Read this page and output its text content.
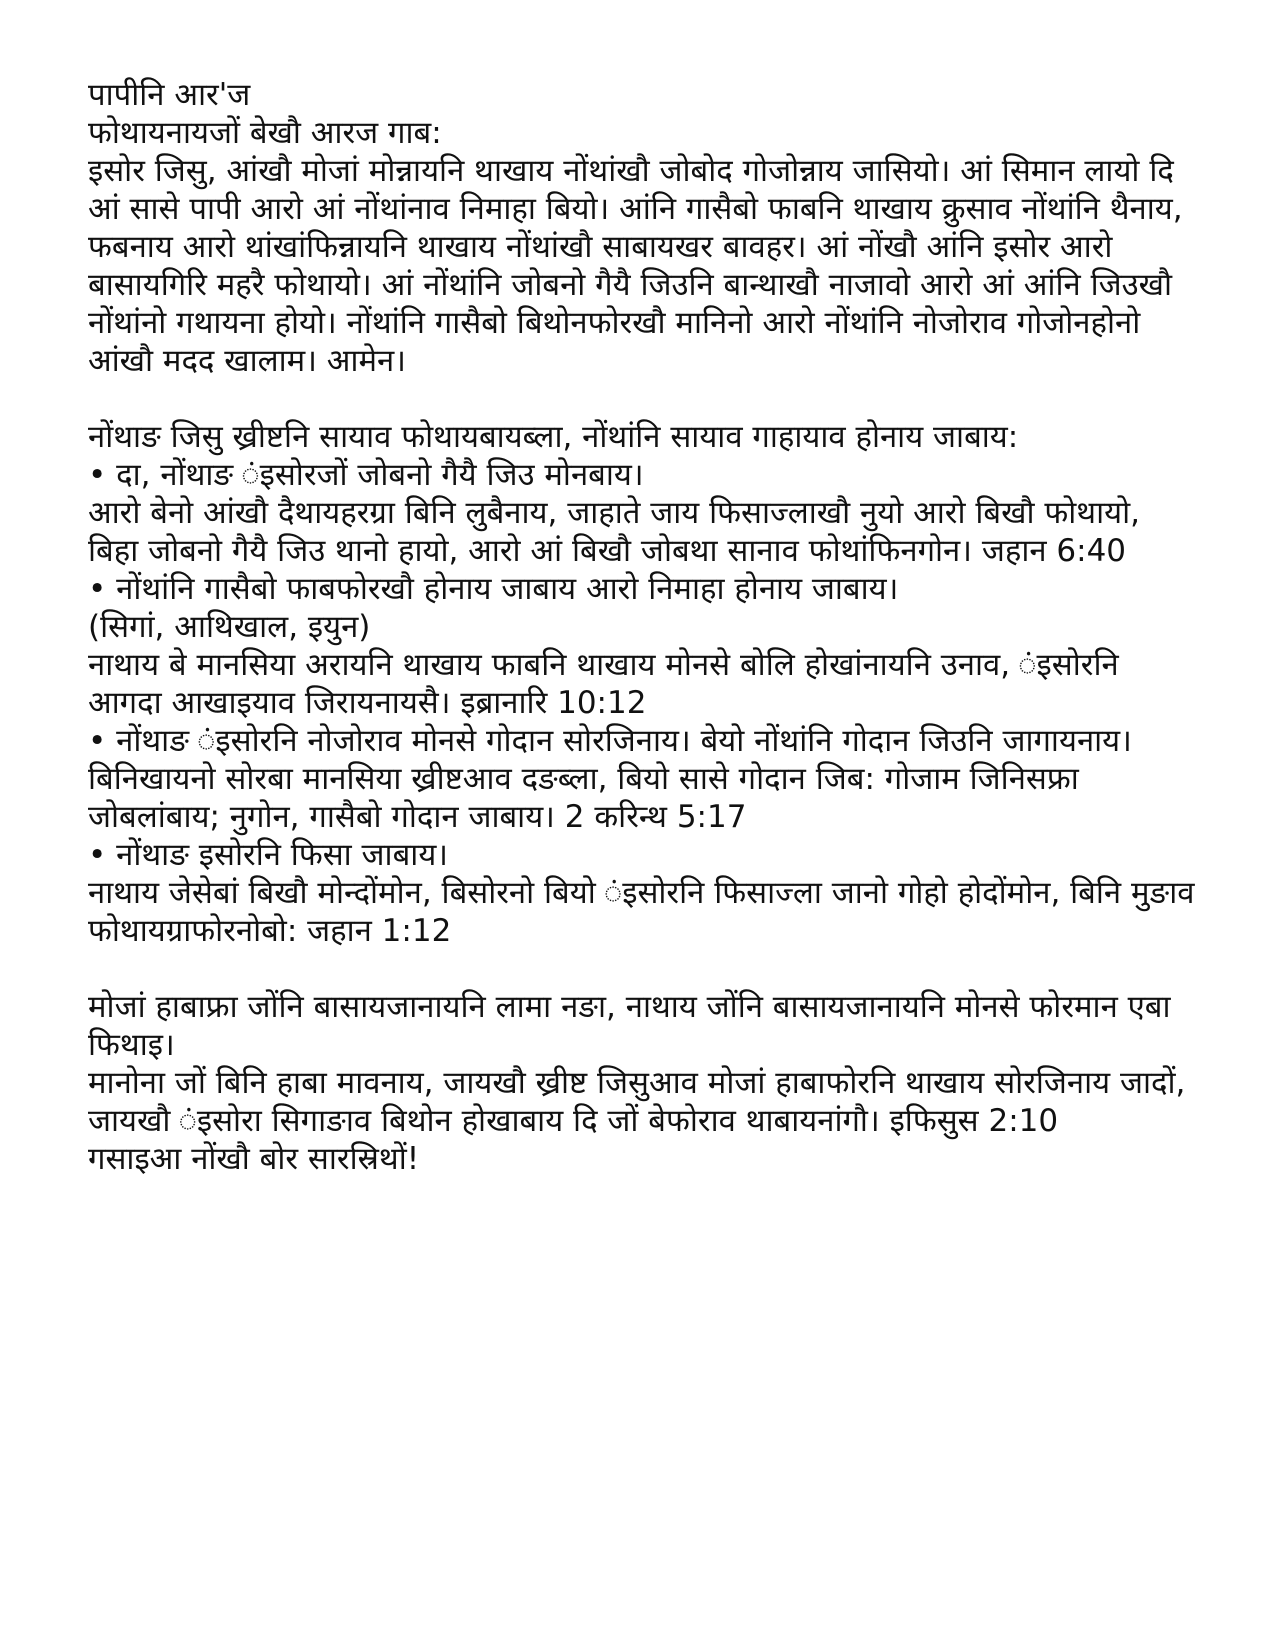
पापीनि आर'ज

फोथायनायजों बेखौ आरज गाब:

इसोर जिसु, आंखौ मोजां मोन्नायनि थाखाय नोंथांखौ जोबोद गोजोन्नाय जासियो। आं सिमान लायो दि आं सासे पापी आरो आं नोंथांनाव निमाहा बियो। आंनि गासैबो फाबनि थाखाय क्रुसाव नोंथांनि थैनाय, फबनाय आरो थांखांफिन्नायनि थाखाय नोंथांखौ साबायखर बावहर। आं नोंखौ आंनि इसोर आरो बासायगिरि महरै फोथायो। आं नोंथांनि जोबनो गैयै जिउनि बान्थाखौ नाजावो आरो आं आंनि जिउखौ नोंथांनो गथायना होयो। नोंथांनि गासैबो बिथोनफोरखौ मानिनो आरो नोंथांनि नोजोराव गोजोनहोनो आंखौ मदद खालाम। आमेन।

नोंथाङ जिसु ख्रीष्टनि सायाव फोथायबायब्ला, नोंथांनि सायाव गाहायाव होनाय जाबाय:

• दा, नोंथाङ ंइसोरजों जोबनो गैयै जिउ मोनबाय।

आरो बेनो आंखौ दैथायहरग्रा बिनि लुबैनाय, जाहाते जाय फिसाज्लाखौ नुयो आरो बिखौ फोथायो, बिहा जोबनो गैयै जिउ थानो हायो, आरो आं बिखौ जोबथा सानाव फोथांफिनगोन। जहान 6:40

• नोंथांनि गासैबो फाबफोरखौ होनाय जाबाय आरो निमाहा होनाय जाबाय।

(सिगां, आथिखाल, इयुन)

नाथाय बे मानसिया अरायनि थाखाय फाबनि थाखाय मोनसे बोलि होखांनायनि उनाव, ंइसोरनि आगदा आखाइयाव जिरायनायसै। इब्रानारि 10:12

• नोंथाङ ंइसोरनि नोजोराव मोनसे गोदान सोरजिनाय। बेयो नोंथांनि गोदान जिउनि जागायनाय।

बिनिखायनो सोरबा मानसिया ख्रीष्टआव दङब्ला, बियो सासे गोदान जिब: गोजाम जिनिसफ्रा जोबलांबाय; नुगोन, गासैबो गोदान जाबाय। 2 करिन्थ 5:17

• नोंथाङ इसोरनि फिसा जाबाय।

नाथाय जेसेबां बिखौ मोन्दोंमोन, बिसोरनो बियो ंइसोरनि फिसाज्ला जानो गोहो होदोंमोन, बिनि मुङाव फोथायग्राफोरनोबो: जहान 1:12

मोजां हाबाफ्रा जोंनि बासायजानायनि लामा नङा, नाथाय जोंनि बासायजानायनि मोनसे फोरमान एबा फिथाइ।

मानोना जों बिनि हाबा मावनाय, जायखौ ख्रीष्ट जिसुआव मोजां हाबाफोरनि थाखाय सोरजिनाय जादों, जायखौ ंइसोरा सिगाङाव बिथोन होखाबाय दि जों बेफोराव थाबायनांगौ। इफिसुस 2:10

गसाइआ नोंखौ बोर सारस्रिथों!
